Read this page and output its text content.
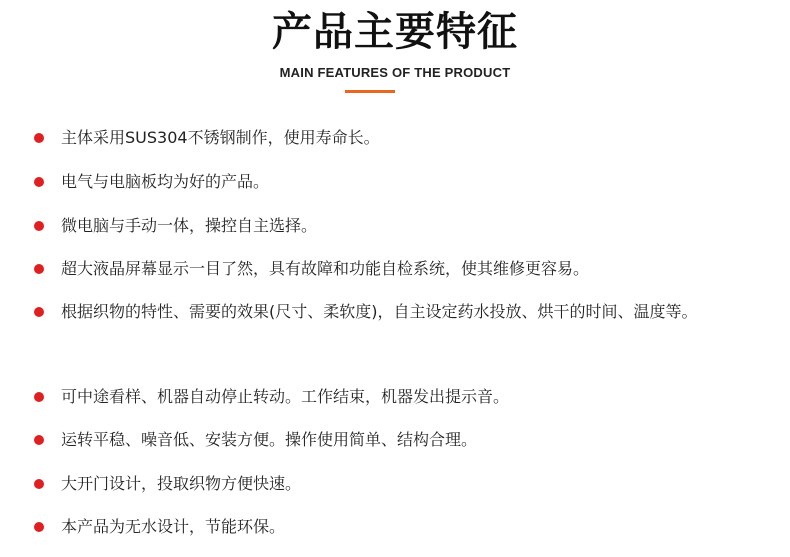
产品主要特征
MAIN FEATURES OF THE PRODUCT
主体采用SUS304不锈钢制作，使用寿命长。
电气与电脑板均为好的产品。
微电脑与手动一体，操控自主选择。
超大液晶屏幕显示一目了然，具有故障和功能自检系统，使其维修更容易。
根据织物的特性、需要的效果(尺寸、柔软度)，自主设定药水投放、烘干的时间、温度等。
可中途看样、机器自动停止转动。工作结束，机器发出提示音。
运转平稳、噪音低、安装方便。操作使用简单、结构合理。
大开门设计，投取织物方便快速。
本产品为无水设计，节能环保。
